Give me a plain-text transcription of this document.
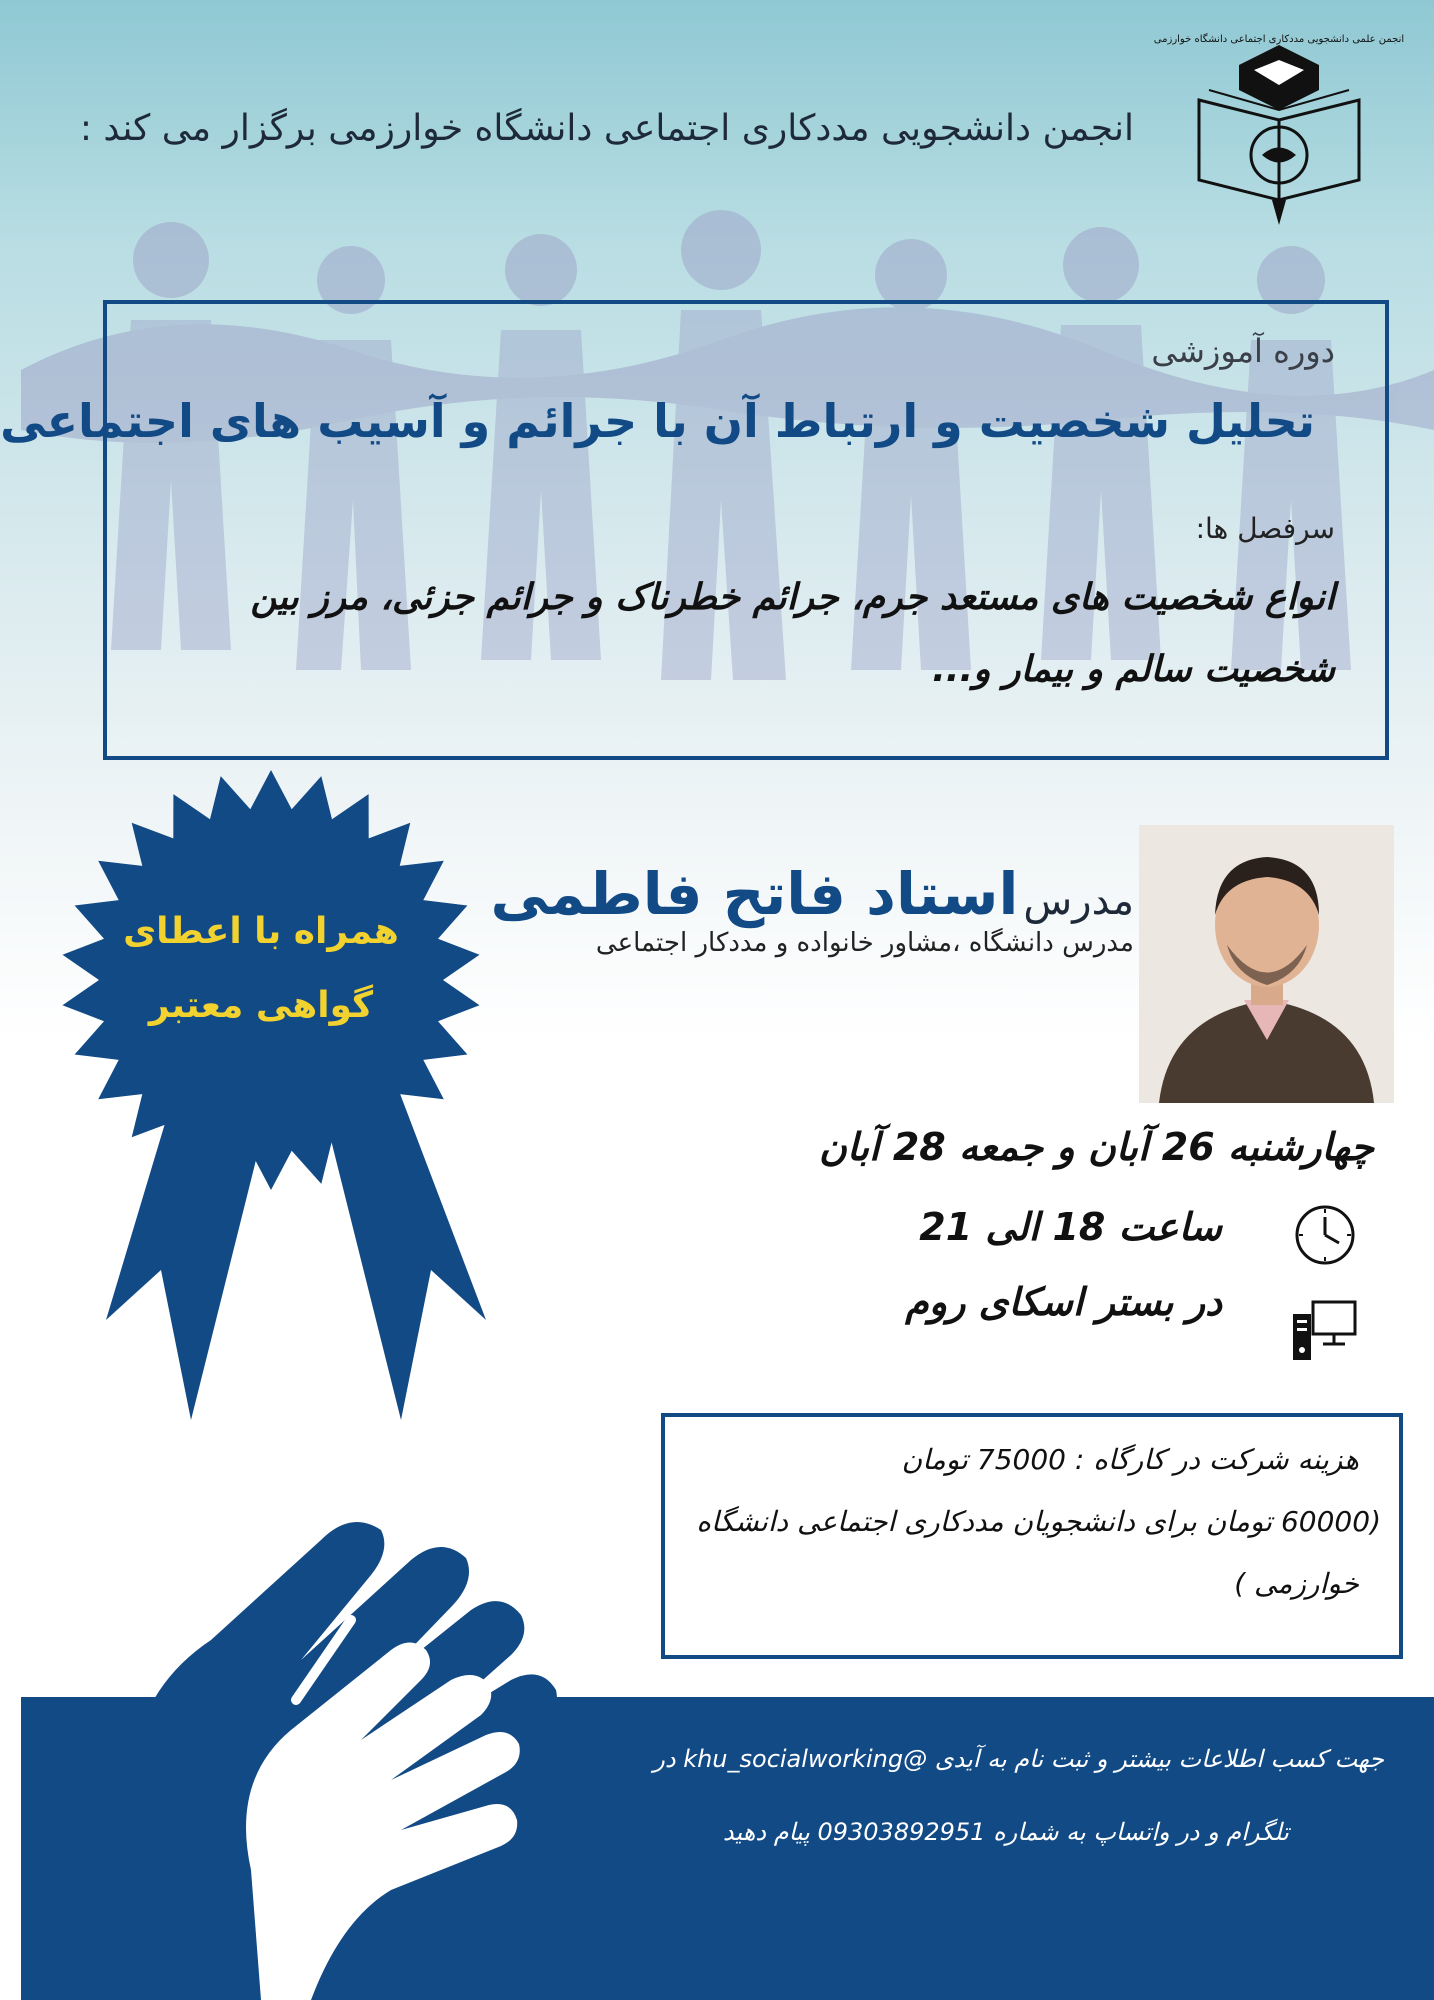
انجمن دانشجویی مددکاری اجتماعی دانشگاه خوارزمی برگزار می کند :
انجمن علمی دانشجویی مددکاری اجتماعی دانشگاه خوارزمی
دوره آموزشی
تحلیل شخصیت و ارتباط آن با جرائم و آسیب های اجتماعی
سرفصل ها:
انواع شخصیت های مستعد جرم، جرائم خطرناک و جرائم جزئی، مرز بین شخصیت سالم و بیمار و...
همراه با اعطای
گواهی معتبر
مدرس استاد فاتح فاطمی
مدرس دانشگاه ،مشاور خانواده و مددکار اجتماعی
چهارشنبه 26 آبان و جمعه 28 آبان
ساعت 18 الی 21
در بستر اسکای روم
هزینه شرکت در کارگاه : 75000 تومان
(60000 تومان برای دانشجویان مددکاری اجتماعی دانشگاه
خوارزمی )
جهت کسب اطلاعات بیشتر و ثبت نام به آیدی @khu_socialworking در
تلگرام و در واتساپ به شماره 09303892951 پیام دهید
